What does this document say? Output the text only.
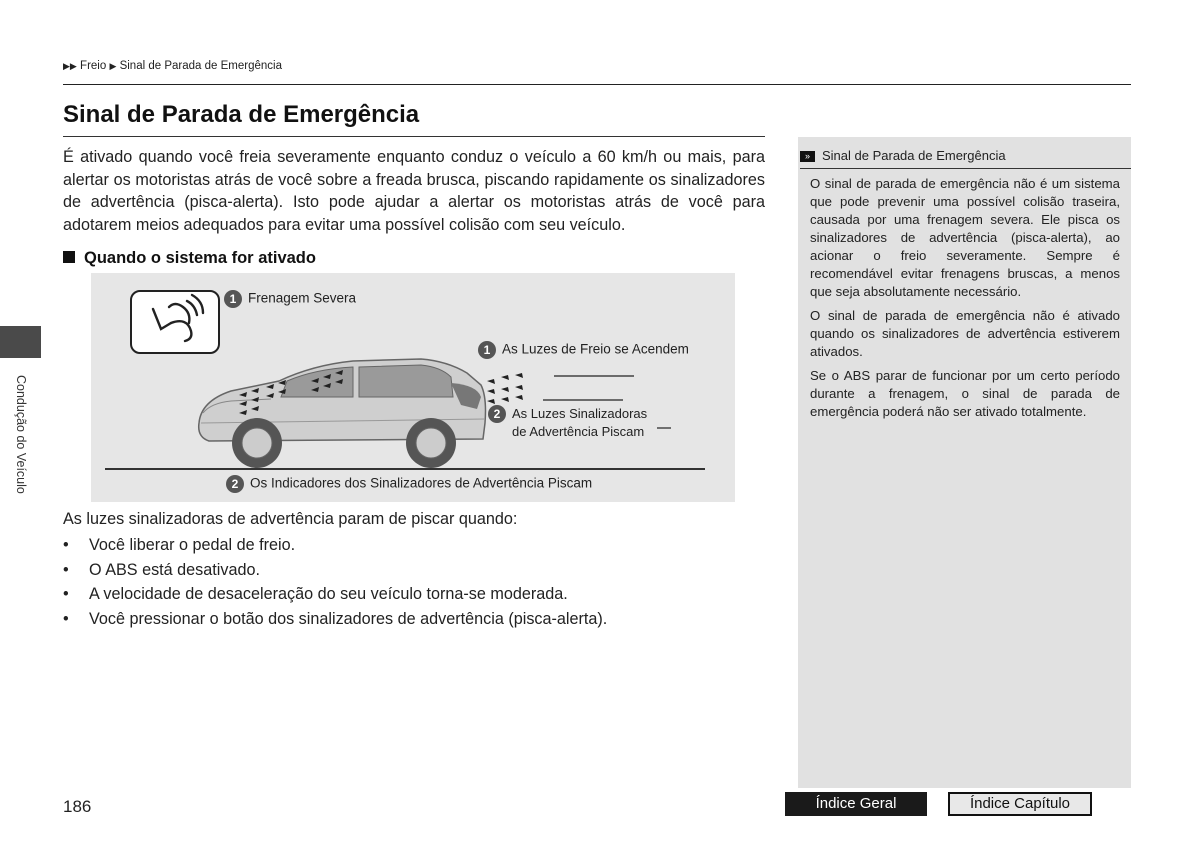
▶▶ Freio ▶ Sinal de Parada de Emergência
Condução do Veículo
Sinal de Parada de Emergência
É ativado quando você freia severamente enquanto conduz o veículo a 60 km/h ou mais, para alertar os motoristas atrás de você sobre a freada brusca, piscando rapidamente os sinalizadores de advertência (pisca-alerta). Isto pode ajudar a alertar os motoristas atrás de você para adotarem meios adequados para evitar uma possível colisão com seu veículo.
Quando o sistema for ativado
1 Frenagem Severa
1 As Luzes de Freio se Acendem
2 As Luzes Sinalizadoras
de Advertência Piscam
2 Os Indicadores dos Sinalizadores de Advertência Piscam
As luzes sinalizadoras de advertência param de piscar quando:
• Você liberar o pedal de freio.
• O ABS está desativado.
• A velocidade de desaceleração do seu veículo torna-se moderada.
• Você pressionar o botão dos sinalizadores de advertência (pisca-alerta).
» Sinal de Parada de Emergência

O sinal de parada de emergência não é um sistema que pode prevenir uma possível colisão traseira, causada por uma frenagem severa. Ele pisca os sinalizadores de advertência (pisca-alerta), ao acionar o freio severamente. Sempre é recomendável evitar frenagens bruscas, a menos que seja absolutamente necessário.

O sinal de parada de emergência não é ativado quando os sinalizadores de advertência estiverem ativados.

Se o ABS parar de funcionar por um certo período durante a frenagem, o sinal de parada de emergência poderá não ser ativado totalmente.

186	Índice Geral	Índice Capítulo
